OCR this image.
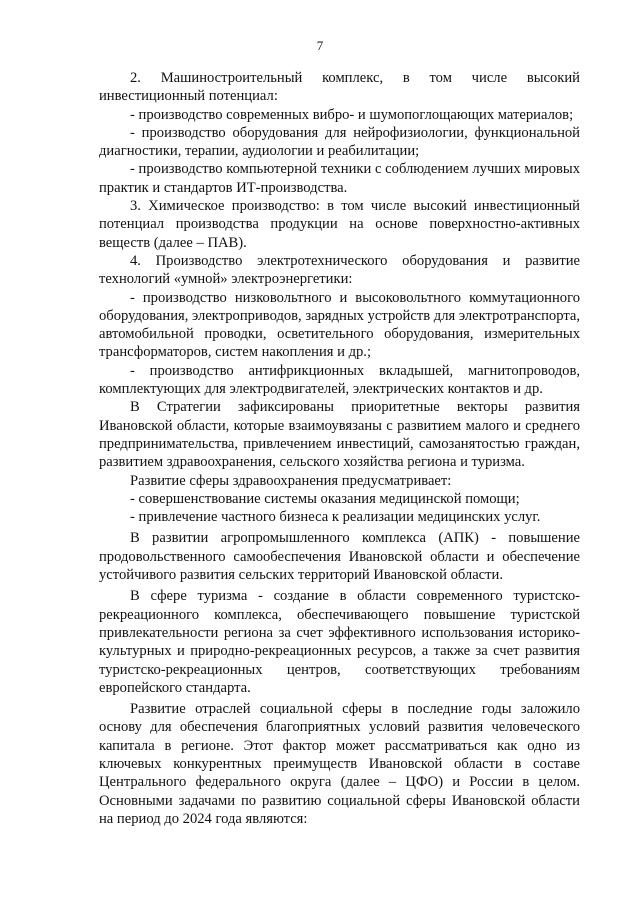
7

2. Машиностроительный комплекс, в том числе высокий инвестиционный потенциал:

- производство современных вибро- и шумопоглощающих материалов;

- производство оборудования для нейрофизиологии, функциональной диагностики, терапии, аудиологии и реабилитации;

- производство компьютерной техники с соблюдением лучших мировых практик и стандартов ИТ-производства.

3. Химическое производство: в том числе высокий инвестиционный потенциал производства продукции на основе поверхностно-активных веществ (далее – ПАВ).

4. Производство электротехнического оборудования и развитие технологий «умной» электроэнергетики:

- производство низковольтного и высоковольтного коммутационного оборудования, электроприводов, зарядных устройств для электротранспорта, автомобильной проводки, осветительного оборудования, измерительных трансформаторов, систем накопления и др.;

- производство антифрикционных вкладышей, магнитопроводов, комплектующих для электродвигателей, электрических контактов и др.

В Стратегии зафиксированы приоритетные векторы развития Ивановской области, которые взаимоувязаны с развитием малого и среднего предпринимательства, привлечением инвестиций, самозанятостью граждан, развитием здравоохранения, сельского хозяйства региона и туризма.

Развитие сферы здравоохранения предусматривает:

- совершенствование системы оказания медицинской помощи;

- привлечение частного бизнеса к реализации медицинских услуг.

В развитии агропромышленного комплекса (АПК) - повышение продовольственного самообеспечения Ивановской области и обеспечение устойчивого развития сельских территорий Ивановской области.

В сфере туризма - создание в области современного туристско-рекреационного комплекса, обеспечивающего повышение туристской привлекательности региона за счет эффективного использования историко-культурных и природно-рекреационных ресурсов, а также за счет развития туристско-рекреационных центров, соответствующих требованиям европейского стандарта.

Развитие отраслей социальной сферы в последние годы заложило основу для обеспечения благоприятных условий развития человеческого капитала в регионе. Этот фактор может рассматриваться как одно из ключевых конкурентных преимуществ Ивановской области в составе Центрального федерального округа (далее – ЦФО) и России в целом. Основными задачами по развитию социальной сферы Ивановской области на период до 2024 года являются:
